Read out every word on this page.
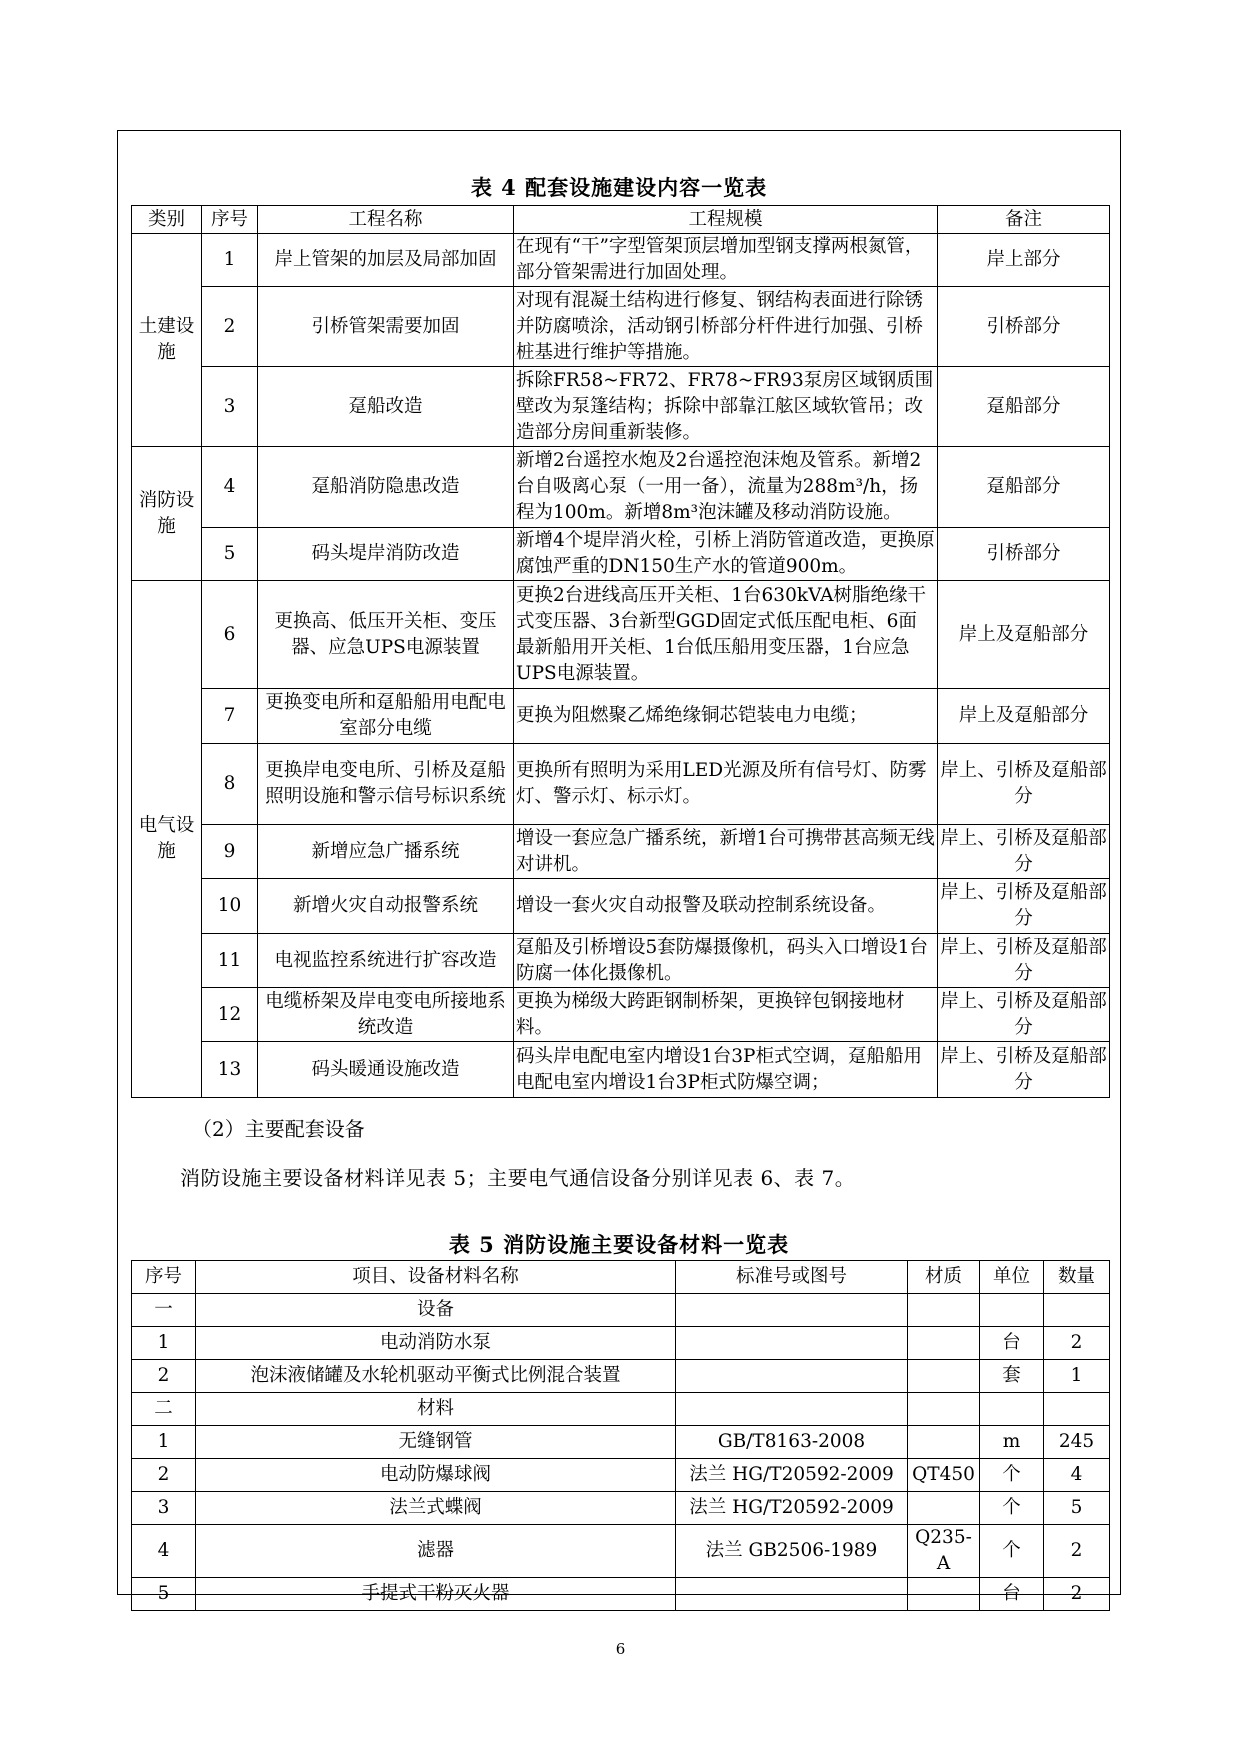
表 4 配套设施建设内容一览表
类别	序号	工程名称	工程规模	备注
土建设施	1	岸上管架的加层及局部加固	在现有“干”字型管架顶层增加型钢支撑两根氮管，部分管架需进行加固处理。	岸上部分
	2	引桥管架需要加固	对现有混凝土结构进行修复、钢结构表面进行除锈并防腐喷涂，活动钢引桥部分杆件进行加强、引桥桩基进行维护等措施。	引桥部分
	3	趸船改造	拆除FR58~FR72、FR78~FR93泵房区域钢质围壁改为泵篷结构；拆除中部靠江舷区域软管吊；改造部分房间重新装修。	趸船部分
消防设施	4	趸船消防隐患改造	新增2台遥控水炮及2台遥控泡沫炮及管系。新增2台自吸离心泵（一用一备），流量为288m³/h，扬程为100m。新增8m³泡沫罐及移动消防设施。	趸船部分
	5	码头堤岸消防改造	新增4个堤岸消火栓，引桥上消防管道改造，更换原腐蚀严重的DN150生产水的管道900m。	引桥部分
电气设施	6	更换高、低压开关柜、变压器、应急UPS电源装置	更换2台进线高压开关柜、1台630kVA树脂绝缘干式变压器、3台新型GGD固定式低压配电柜、6面最新船用开关柜、1台低压船用变压器，1台应急UPS电源装置。	岸上及趸船部分
	7	更换变电所和趸船船用电配电室部分电缆	更换为阻燃聚乙烯绝缘铜芯铠装电力电缆；	岸上及趸船部分
	8	更换岸电变电所、引桥及趸船照明设施和警示信号标识系统	更换所有照明为采用LED光源及所有信号灯、防雾灯、警示灯、标示灯。	岸上、引桥及趸船部分
	9	新增应急广播系统	增设一套应急广播系统，新增1台可携带甚高频无线对讲机。	岸上、引桥及趸船部分
	10	新增火灾自动报警系统	增设一套火灾自动报警及联动控制系统设备。	岸上、引桥及趸船部分
	11	电视监控系统进行扩容改造	趸船及引桥增设5套防爆摄像机，码头入口增设1台防腐一体化摄像机。	岸上、引桥及趸船部分
	12	电缆桥架及岸电变电所接地系统改造	更换为梯级大跨距钢制桥架，更换锌包钢接地材料。	岸上、引桥及趸船部分
	13	码头暖通设施改造	码头岸电配电室内增设1台3P柜式空调，趸船船用电配电室内增设1台3P柜式防爆空调；	岸上、引桥及趸船部分
（2）主要配套设备
消防设施主要设备材料详见表 5；主要电气通信设备分别详见表 6、表 7。
表 5 消防设施主要设备材料一览表
序号	项目、设备材料名称	标准号或图号	材质	单位	数量
一	设备				
1	电动消防水泵			台	2
2	泡沫液储罐及水轮机驱动平衡式比例混合装置			套	1
二	材料				
1	无缝钢管	GB/T8163-2008		m	245
2	电动防爆球阀	法兰 HG/T20592-2009	QT450	个	4
3	法兰式蝶阀	法兰 HG/T20592-2009		个	5
4	滤器	法兰 GB2506-1989	Q235-A	个	2
5	手提式干粉灭火器			台	2
6
